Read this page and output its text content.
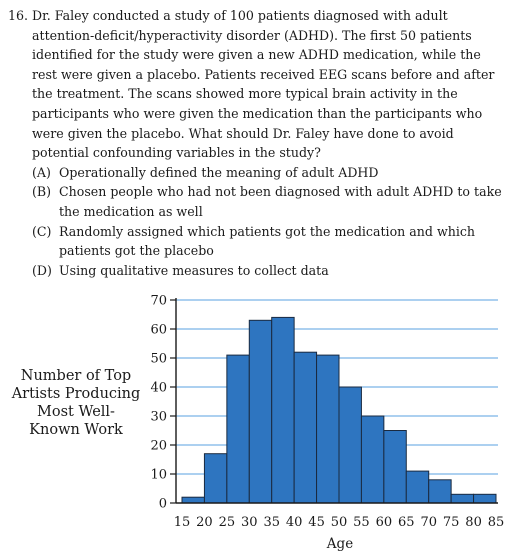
16. Dr. Faley conducted a study of 100 patients diagnosed with adult attention-deficit/hyperactivity disorder (ADHD). The first 50 patients identified for the study were given a new ADHD medication, while the rest were given a placebo. Patients received EEG scans before and after the treatment. The scans showed more typical brain activity in the participants who were given the medication than the participants who were given the placebo. What should Dr. Faley have done to avoid potential confounding variables in the study?
(A) Operationally defined the meaning of adult ADHD
(B) Chosen people who had not been diagnosed with adult ADHD to take the medication as well
(C) Randomly assigned which patients got the medication and which patients got the placebo
(D) Using qualitative measures to collect data
0
10
20
30
40
50
60
70
15 20 25 30 35 40 45 50 55 60 65 70 75 80 85
Age
Number of Top Artists Producing Most Well-Known Work
